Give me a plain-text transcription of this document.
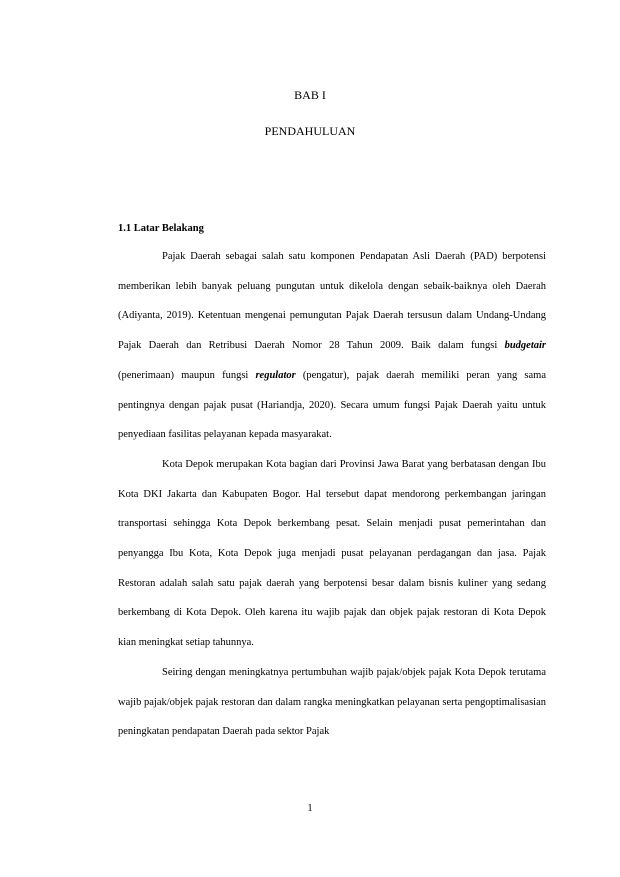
BAB I
PENDAHULUAN
1.1 Latar Belakang

Pajak Daerah sebagai salah satu komponen Pendapatan Asli Daerah (PAD) berpotensi memberikan lebih banyak peluang pungutan untuk dikelola dengan sebaik-baiknya oleh Daerah (Adiyanta, 2019). Ketentuan mengenai pemungutan Pajak Daerah tersusun dalam Undang-Undang Pajak Daerah dan Retribusi Daerah Nomor 28 Tahun 2009. Baik dalam fungsi budgetair (penerimaan) maupun fungsi regulator (pengatur), pajak daerah memiliki peran yang sama pentingnya dengan pajak pusat (Hariandja, 2020). Secara umum fungsi Pajak Daerah yaitu untuk penyediaan fasilitas pelayanan kepada masyarakat.

Kota Depok merupakan Kota bagian dari Provinsi Jawa Barat yang berbatasan dengan Ibu Kota DKI Jakarta dan Kabupaten Bogor. Hal tersebut dapat mendorong perkembangan jaringan transportasi sehingga Kota Depok berkembang pesat. Selain menjadi pusat pemerintahan dan penyangga Ibu Kota, Kota Depok juga menjadi pusat pelayanan perdagangan dan jasa. Pajak Restoran adalah salah satu pajak daerah yang berpotensi besar dalam bisnis kuliner yang sedang berkembang di Kota Depok. Oleh karena itu wajib pajak dan objek pajak restoran di Kota Depok kian meningkat setiap tahunnya.

Seiring dengan meningkatnya pertumbuhan wajib pajak/objek pajak Kota Depok terutama wajib pajak/objek pajak restoran dan dalam rangka meningkatkan pelayanan serta pengoptimalisasian peningkatan pendapatan Daerah pada sektor Pajak

1
